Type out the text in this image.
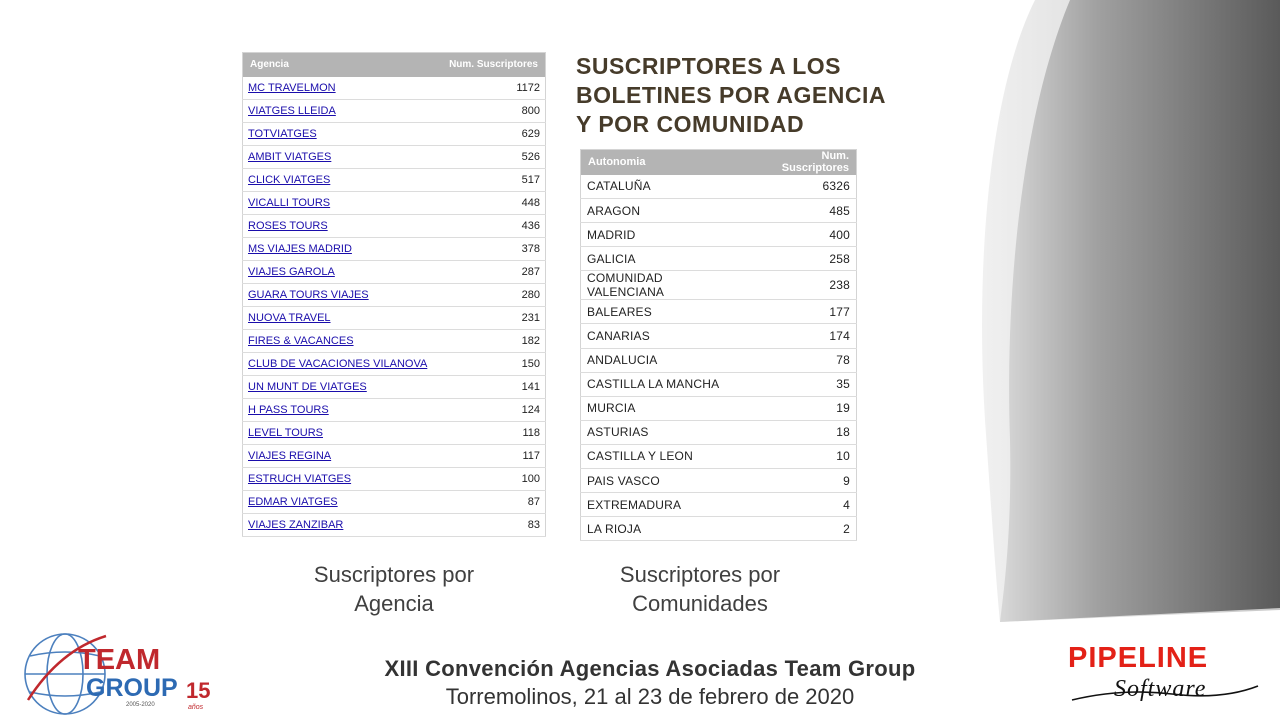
Agencia	Num. Suscriptores
MC TRAVELMON	1172
VIATGES LLEIDA	800
TOTVIATGES	629
AMBIT VIATGES	526
CLICK VIATGES	517
VICALLI TOURS	448
ROSES TOURS	436
MS VIAJES MADRID	378
VIAJES GAROLA	287
GUARA TOURS VIAJES	280
NUOVA TRAVEL	231
FIRES & VACANCES	182
CLUB DE VACACIONES VILANOVA	150
UN MUNT DE VIATGES	141
H PASS TOURS	124
LEVEL TOURS	118
VIAJES REGINA	117
ESTRUCH VIATGES	100
EDMAR VIATGES	87
VIAJES ZANZIBAR	83
SUSCRIPTORES A LOS BOLETINES POR AGENCIA Y POR COMUNIDAD
Autonomia	Num. Suscriptores
CATALUÑA	6326
ARAGON	485
MADRID	400
GALICIA	258
COMUNIDAD VALENCIANA	238
BALEARES	177
CANARIAS	174
ANDALUCIA	78
CASTILLA LA MANCHA	35
MURCIA	19
ASTURIAS	18
CASTILLA Y LEON	10
PAIS VASCO	9
EXTREMADURA	4
LA RIOJA	2
Suscriptores por Agencia
Suscriptores por Comunidades
XIII Convención Agencias Asociadas Team Group
Torremolinos, 21 al 23 de febrero de 2020
TEAM
GROUP 15
2005-2020	años
PIPELINE
Software
